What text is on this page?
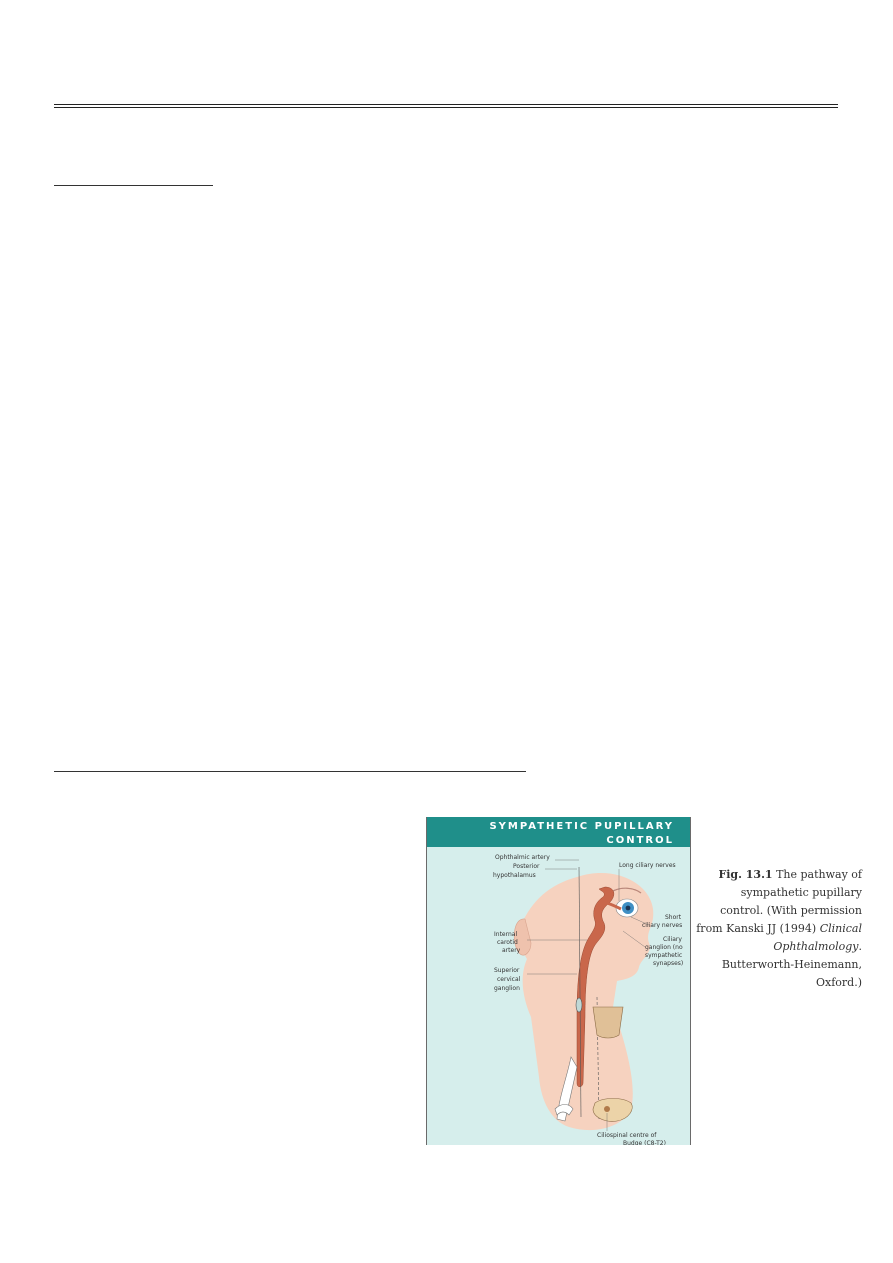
SYMPATHETIC PUPILLARY
CONTROL
Ophthalmic artery
Posterior
hypothalamus
Long ciliary nerves
Short
ciliary nerves
Internal
carotid
artery
Ciliary
ganglion (no
sympathetic
synapses)
Superior
cervical
ganglion
Ciliospinal centre of
Budge (C8-T2)
Fig. 13.1 The pathway of
sympathetic pupillary
control. (With permission
from Kanski JJ (1994) Clinical
Ophthalmology.
Butterworth-Heinemann,
Oxford.)
